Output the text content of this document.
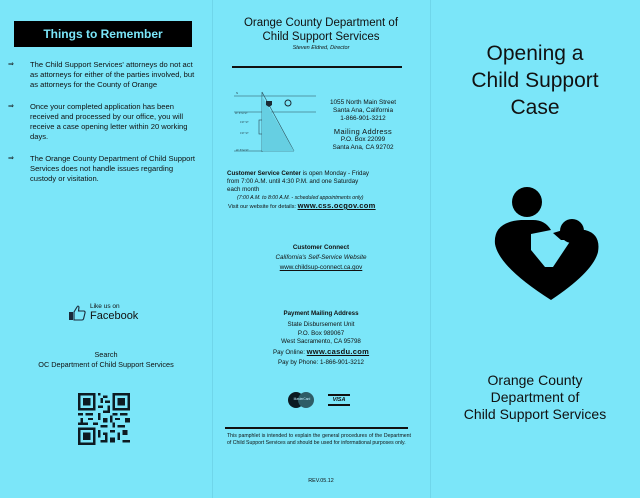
Things to Remember
⇒	The Child Support Services' attorneys do not act as attorneys for either of the parties involved, but as attorneys for the County of Orange
⇒	Once your completed application has been received and processed by our office, you will receive a case opening letter within 20 working days.
⇒	The Orange County Department of Child Support Services does not handle issues regarding custody or visitation.
Like us on
Facebook
Search
OC Department of Child Support Services
Orange County Department of
Child Support Services
Steven Eldred, Director
N
W. 6TH ST
1ST ST
1ST ST
W. 5TH ST
1055 North Main Street
Santa Ana, California
1-866-901-3212
Mailing Address
P.O. Box 22099
Santa Ana, CA 92702
Customer Service Center is open Monday - Friday
from 7:00 A.M. until 4:30 P.M. and one Saturday
each month
(7:00 A.M. to 8:00 A.M. - scheduled appointments only)
Visit our website for details: www.css.ocgov.com
Customer Connect
California's Self-Service Website
www.childsup-connect.ca.gov
Payment Mailing Address
State Disbursement Unit
P.O. Box 989067
West Sacramento, CA 95798
Pay Online: www.casdu.com
Pay by Phone: 1-866-901-3212
MasterCard	VISA
This pamphlet is intended to explain the general procedures of the Department of Child Support Services and should be used for informational purposes only.
REV.05.12
Opening a
Child Support
Case
Orange County
Department of
Child Support Services
